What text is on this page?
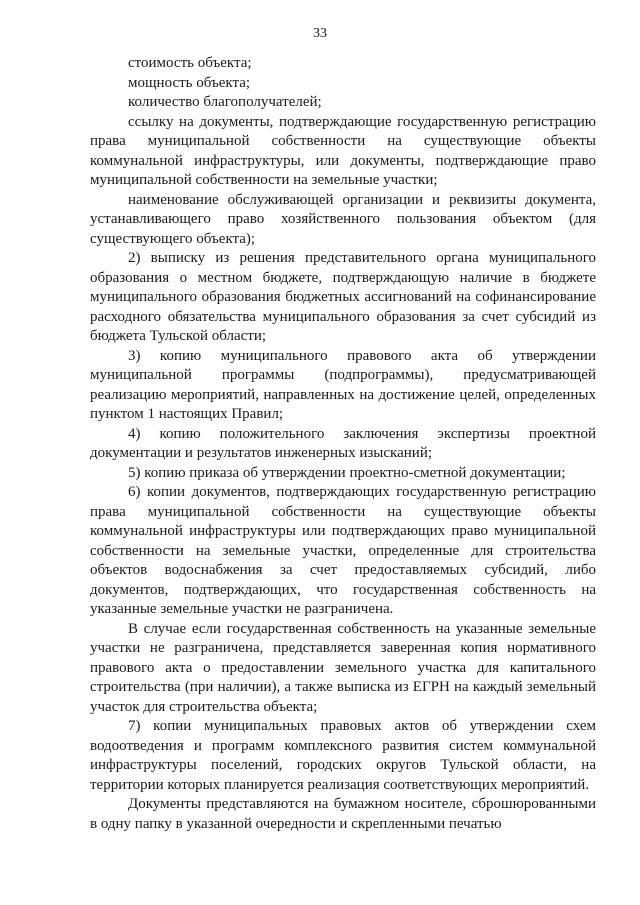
33

стоимость объекта;

мощность объекта;

количество благополучателей;

ссылку на документы, подтверждающие государственную регистрацию права муниципальной собственности на существующие объекты коммунальной инфраструктуры, или документы, подтверждающие право муниципальной собственности на земельные участки;

наименование обслуживающей организации и реквизиты документа, устанавливающего право хозяйственного пользования объектом (для существующего объекта);

2) выписку из решения представительного органа муниципального образования о местном бюджете, подтверждающую наличие в бюджете муниципального образования бюджетных ассигнований на софинансирование расходного обязательства муниципального образования за счет субсидий из бюджета Тульской области;

3) копию муниципального правового акта об утверждении муниципальной программы (подпрограммы), предусматривающей реализацию мероприятий, направленных на достижение целей, определенных пунктом 1 настоящих Правил;

4) копию положительного заключения экспертизы проектной документации и результатов инженерных изысканий;

5) копию приказа об утверждении проектно-сметной документации;

6) копии документов, подтверждающих государственную регистрацию права муниципальной собственности на существующие объекты коммунальной инфраструктуры или подтверждающих право муниципальной собственности на земельные участки, определенные для строительства объектов водоснабжения за счет предоставляемых субсидий, либо документов, подтверждающих, что государственная собственность на указанные земельные участки не разграничена.

В случае если государственная собственность на указанные земельные участки не разграничена, представляется заверенная копия нормативного правового акта о предоставлении земельного участка для капитального строительства (при наличии), а также выписка из ЕГРН на каждый земельный участок для строительства объекта;

7) копии муниципальных правовых актов об утверждении схем водоотведения и программ комплексного развития систем коммунальной инфраструктуры поселений, городских округов Тульской области, на территории которых планируется реализация соответствующих мероприятий.

Документы представляются на бумажном носителе, сброшюрованными в одну папку в указанной очередности и скрепленными печатью
